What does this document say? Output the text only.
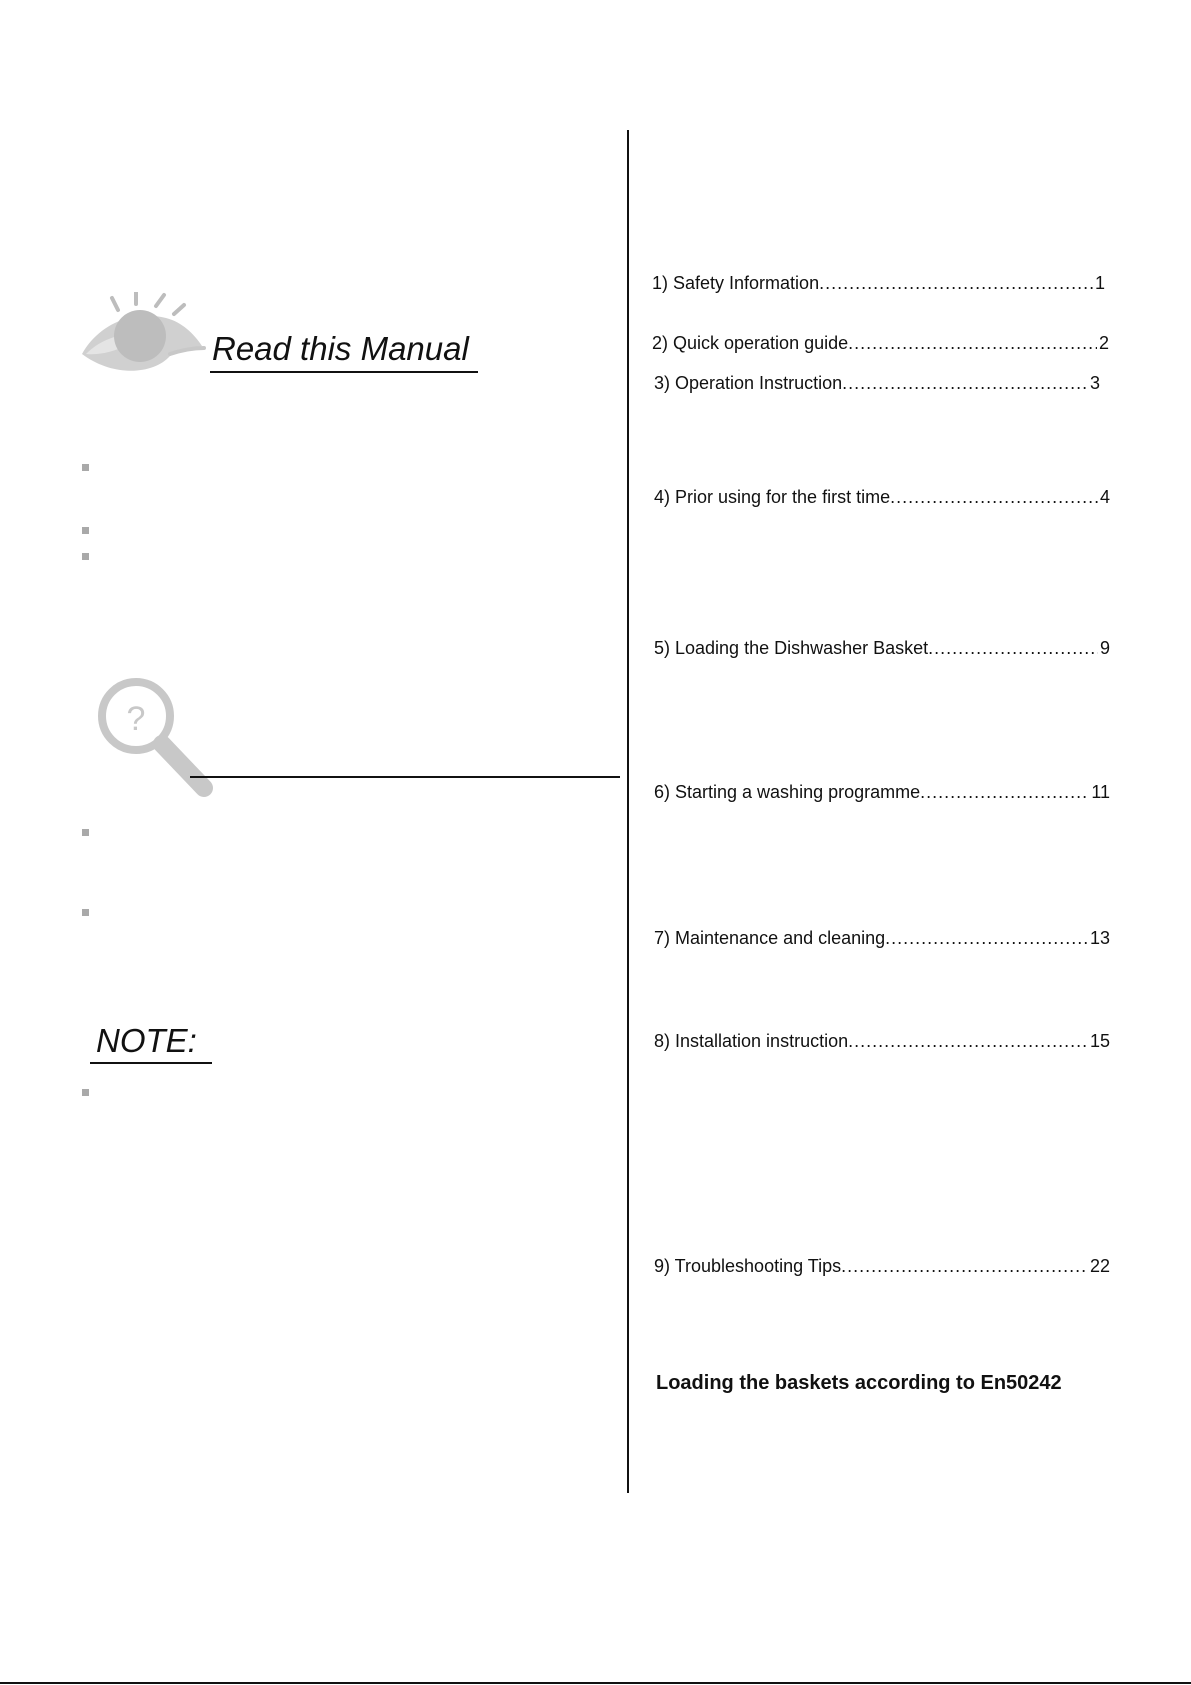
Read this Manual
?
NOTE:
1) Safety Information .....	1
2) Quick operation guide .....	2
3) Operation Instruction .....	3
4) Prior using for the first time .....	4
5) Loading the Dishwasher Basket .....	9
6) Starting a washing programme .....	11
7) Maintenance and cleaning .....	13
8) Installation instruction .....	15
9) Troubleshooting Tips .....	22
Loading the baskets according to En50242
